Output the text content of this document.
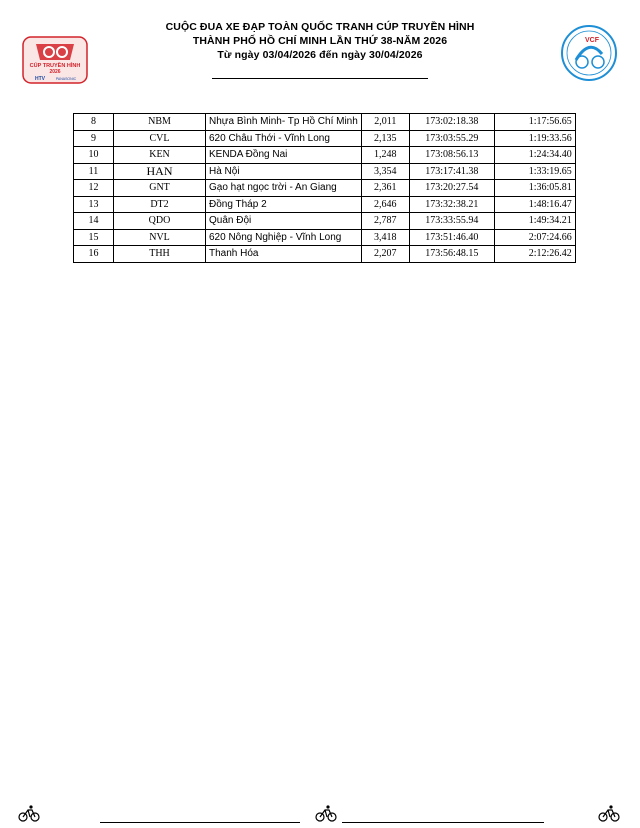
CUỘC ĐUA XE ĐẠP TOÀN QUỐC TRANH CÚP TRUYỀN HÌNH
THÀNH PHỐ HỒ CHÍ MINH LẦN THỨ 38-NĂM 2026
Từ ngày 03/04/2026 đến ngày 30/04/2026
CÚP TRUYỀN HÌNH
2026
HTV	PANASONIC
VCF
8	NBM	Nhựa Bình Minh- Tp Hồ Chí Minh	2,011	173:02:18.38	1:17:56.65
9	CVL	620 Châu Thới - Vĩnh Long	2,135	173:03:55.29	1:19:33.56
10	KEN	KENDA Đồng Nai	1,248	173:08:56.13	1:24:34.40
11	HAN	Hà Nội	3,354	173:17:41.38	1:33:19.65
12	GNT	Gạo hạt ngọc trời - An Giang	2,361	173:20:27.54	1:36:05.81
13	DT2	Đồng Tháp 2	2,646	173:32:38.21	1:48:16.47
14	QDO	Quân Đội	2,787	173:33:55.94	1:49:34.21
15	NVL	620 Nông Nghiệp - Vĩnh Long	3,418	173:51:46.40	2:07:24.66
16	THH	Thanh Hóa	2,207	173:56:48.15	2:12:26.42
